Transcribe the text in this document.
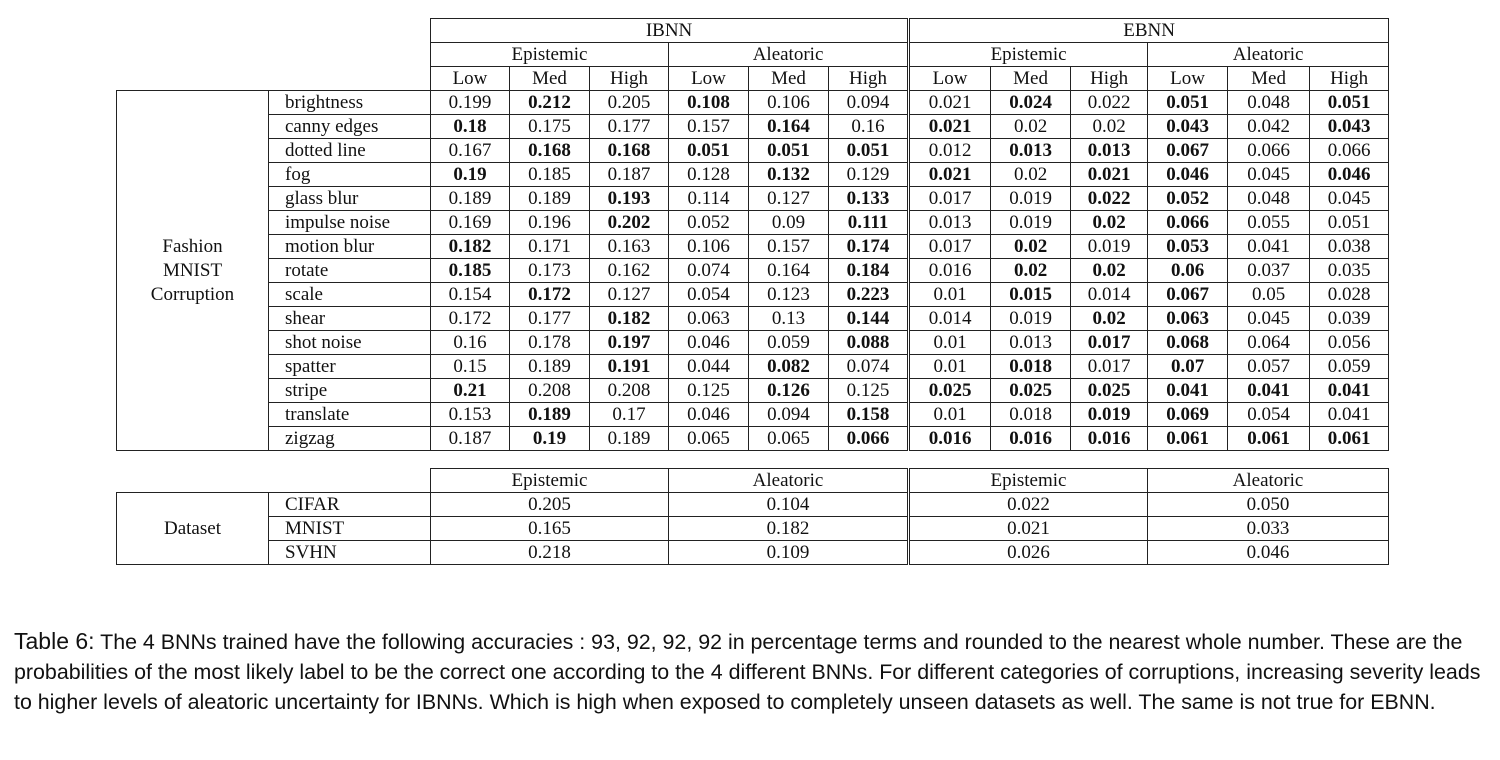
		IBNN						EBNN					
		Epistemic			Aleatoric			Epistemic			Aleatoric		
		Low	Med	High	Low	Med	High	Low	Med	High	Low	Med	High
Fashion
MNIST
Corruption	brightness	0.199	0.212	0.205	0.108	0.106	0.094	0.021	0.024	0.022	0.051	0.048	0.051
	canny edges	0.18	0.175	0.177	0.157	0.164	0.16	0.021	0.02	0.02	0.043	0.042	0.043
	dotted line	0.167	0.168	0.168	0.051	0.051	0.051	0.012	0.013	0.013	0.067	0.066	0.066
	fog	0.19	0.185	0.187	0.128	0.132	0.129	0.021	0.02	0.021	0.046	0.045	0.046
	glass blur	0.189	0.189	0.193	0.114	0.127	0.133	0.017	0.019	0.022	0.052	0.048	0.045
	impulse noise	0.169	0.196	0.202	0.052	0.09	0.111	0.013	0.019	0.02	0.066	0.055	0.051
	motion blur	0.182	0.171	0.163	0.106	0.157	0.174	0.017	0.02	0.019	0.053	0.041	0.038
	rotate	0.185	0.173	0.162	0.074	0.164	0.184	0.016	0.02	0.02	0.06	0.037	0.035
	scale	0.154	0.172	0.127	0.054	0.123	0.223	0.01	0.015	0.014	0.067	0.05	0.028
	shear	0.172	0.177	0.182	0.063	0.13	0.144	0.014	0.019	0.02	0.063	0.045	0.039
	shot noise	0.16	0.178	0.197	0.046	0.059	0.088	0.01	0.013	0.017	0.068	0.064	0.056
	spatter	0.15	0.189	0.191	0.044	0.082	0.074	0.01	0.018	0.017	0.07	0.057	0.059
	stripe	0.21	0.208	0.208	0.125	0.126	0.125	0.025	0.025	0.025	0.041	0.041	0.041
	translate	0.153	0.189	0.17	0.046	0.094	0.158	0.01	0.018	0.019	0.069	0.054	0.041
	zigzag	0.187	0.19	0.189	0.065	0.065	0.066	0.016	0.016	0.016	0.061	0.061	0.061
		Epistemic	Aleatoric	Epistemic	Aleatoric
Dataset	CIFAR	0.205	0.104	0.022	0.050
	MNIST	0.165	0.182	0.021	0.033
	SVHN	0.218	0.109	0.026	0.046
Table 6: The 4 BNNs trained have the following accuracies : 93, 92, 92, 92 in percentage terms and rounded to the nearest whole number. These are the probabilities of the most likely label to be the correct one according to the 4 different BNNs. For different categories of corruptions, increasing severity leads to higher levels of aleatoric uncertainty for IBNNs. Which is high when exposed to completely unseen datasets as well. The same is not true for EBNN.
